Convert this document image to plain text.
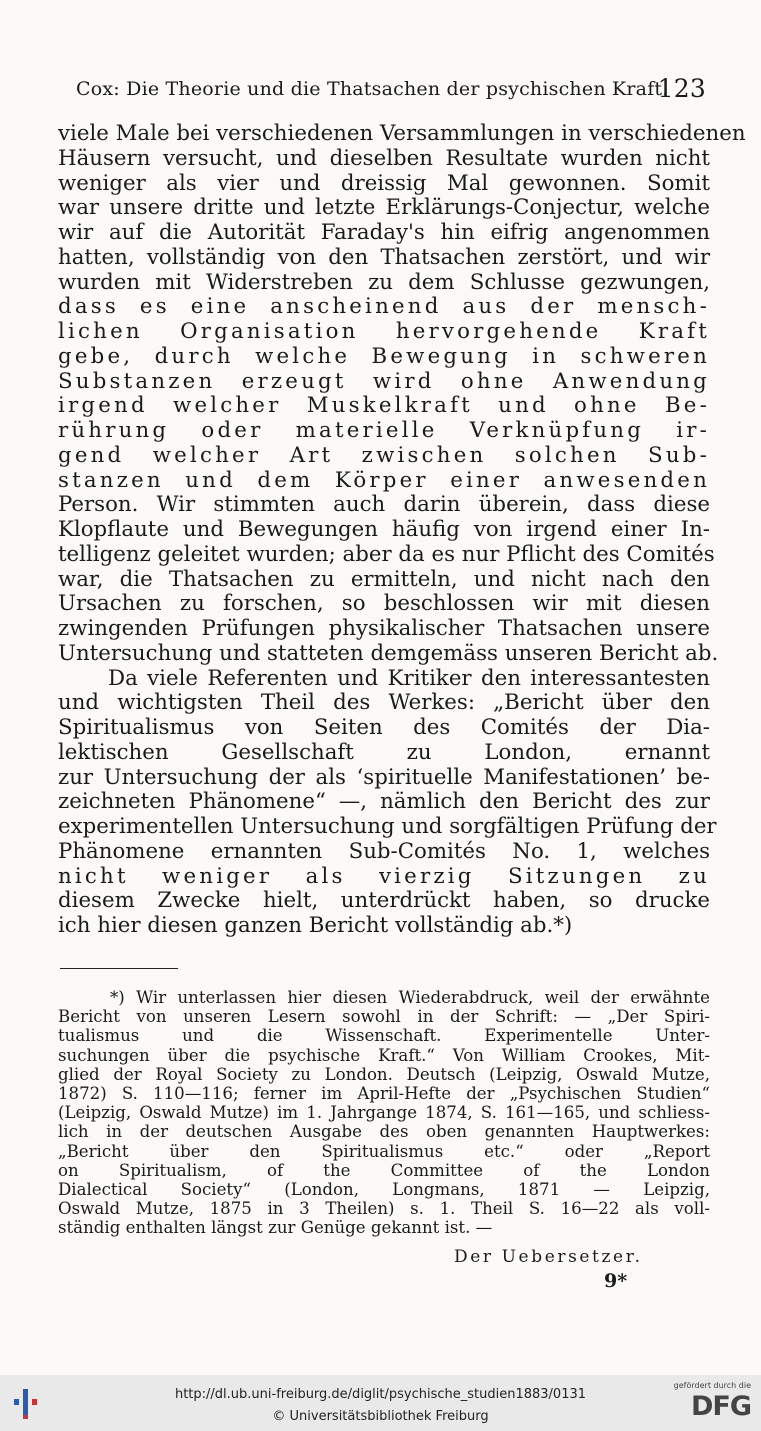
Cox: Die Theorie und die Thatsachen der psychischen Kraft.
123
viele Male bei verschiedenen Versammlungen in verschiedenen
Häusern versucht, und dieselben Resultate wurden nicht
weniger als vier und dreissig Mal gewonnen. Somit
war unsere dritte und letzte Erklärungs-Conjectur, welche
wir auf die Autorität Faraday's hin eifrig angenommen
hatten, vollständig von den Thatsachen zerstört, und wir
wurden mit Widerstreben zu dem Schlusse gezwungen,
dass es eine anscheinend aus der mensch-
lichen Organisation hervorgehende Kraft
gebe, durch welche Bewegung in schweren
Substanzen erzeugt wird ohne Anwendung
irgend welcher Muskelkraft und ohne Be-
rührung oder materielle Verknüpfung ir-
gend welcher Art zwischen solchen Sub-
stanzen und dem Körper einer anwesenden
Person. Wir stimmten auch darin überein, dass diese
Klopflaute und Bewegungen häufig von irgend einer In-
telligenz geleitet wurden; aber da es nur Pflicht des Comités
war, die Thatsachen zu ermitteln, und nicht nach den
Ursachen zu forschen, so beschlossen wir mit diesen
zwingenden Prüfungen physikalischer Thatsachen unsere
Untersuchung und statteten demgemäss unseren Bericht ab.
Da viele Referenten und Kritiker den interessantesten
und wichtigsten Theil des Werkes: „Bericht über den
Spiritualismus von Seiten des Comités der Dia-
lektischen Gesellschaft zu London, ernannt
zur Untersuchung der als ‘spirituelle Manifestationen’ be-
zeichneten Phänomene“ —, nämlich den Bericht des zur
experimentellen Untersuchung und sorgfältigen Prüfung der
Phänomene ernannten Sub-Comités No. 1, welches
nicht weniger als vierzig Sitzungen zu
diesem Zwecke hielt, unterdrückt haben, so drucke
ich hier diesen ganzen Bericht vollständig ab.*)
*) Wir unterlassen hier diesen Wiederabdruck, weil der erwähnte
Bericht von unseren Lesern sowohl in der Schrift: — „Der Spiri-
tualismus und die Wissenschaft. Experimentelle Unter-
suchungen über die psychische Kraft.“ Von William Crookes, Mit-
glied der Royal Society zu London. Deutsch (Leipzig, Oswald Mutze,
1872) S. 110—116; ferner im April-Hefte der „Psychischen Studien“
(Leipzig, Oswald Mutze) im 1. Jahrgange 1874, S. 161—165, und schliess-
lich in der deutschen Ausgabe des oben genannten Hauptwerkes:
„Bericht über den Spiritualismus etc.“ oder „Report
on Spiritualism, of the Committee of the London
Dialectical Society“ (London, Longmans, 1871 — Leipzig,
Oswald Mutze, 1875 in 3 Theilen) s. 1. Theil S. 16—22 als voll-
ständig enthalten längst zur Genüge gekannt ist. —
Der Uebersetzer.
9*
http://dl.ub.uni-freiburg.de/diglit/psychische_studien1883/0131
© Universitätsbibliothek Freiburg
gefördert durch die
DFG
